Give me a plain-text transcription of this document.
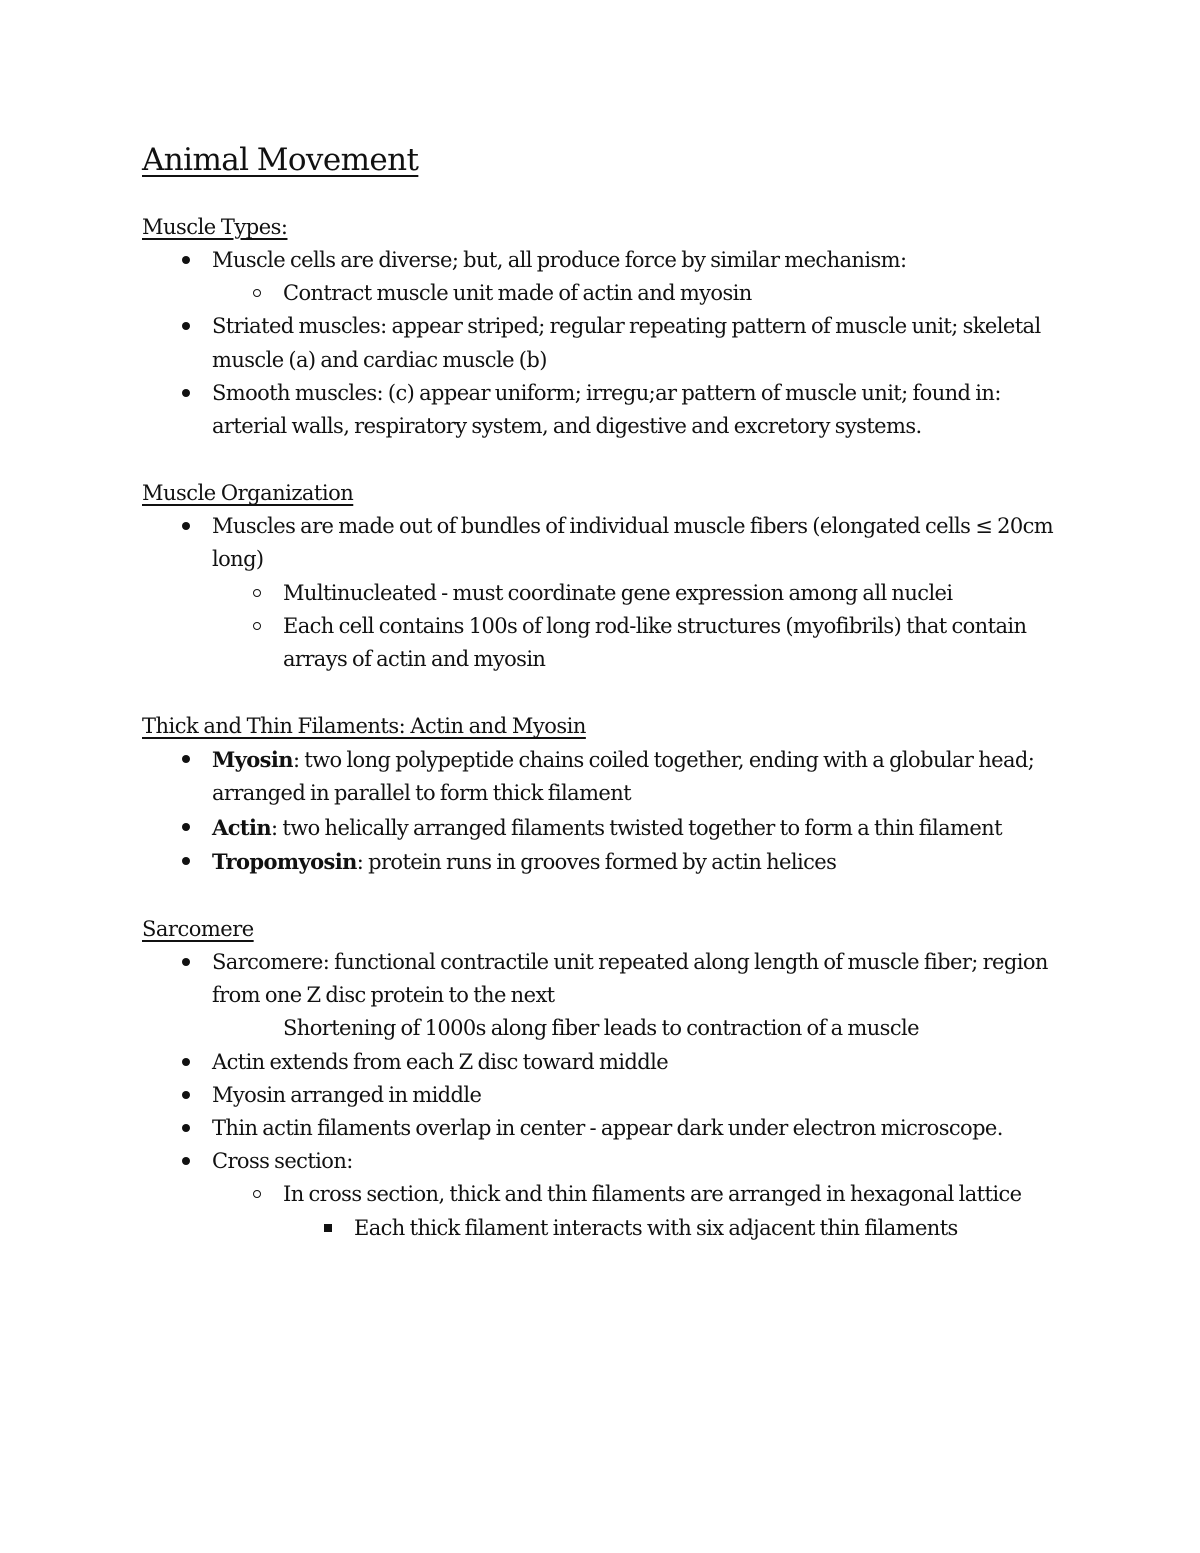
Animal Movement
Muscle Types:
Muscle cells are diverse; but, all produce force by similar mechanism:
Contract muscle unit made of actin and myosin
Striated muscles: appear striped; regular repeating pattern of muscle unit; skeletal muscle (a) and cardiac muscle (b)
Smooth muscles: (c) appear uniform; irregu;ar pattern of muscle unit; found in: arterial walls, respiratory system, and digestive and excretory systems.
Muscle Organization
Muscles are made out of bundles of individual muscle fibers (elongated cells ≤ 20cm long)
Multinucleated - must coordinate gene expression among all nuclei
Each cell contains 100s of long rod-like structures (myofibrils) that contain arrays of actin and myosin
Thick and Thin Filaments: Actin and Myosin
Myosin: two long polypeptide chains coiled together, ending with a globular head; arranged in parallel to form thick filament
Actin: two helically arranged filaments twisted together to form a thin filament
Tropomyosin: protein runs in grooves formed by actin helices
Sarcomere
Sarcomere: functional contractile unit repeated along length of muscle fiber; region from one Z disc protein to the next
Shortening of 1000s along fiber leads to contraction of a muscle
Actin extends from each Z disc toward middle
Myosin arranged in middle
Thin actin filaments overlap in center - appear dark under electron microscope.
Cross section:
In cross section, thick and thin filaments are arranged in hexagonal lattice
Each thick filament interacts with six adjacent thin filaments
